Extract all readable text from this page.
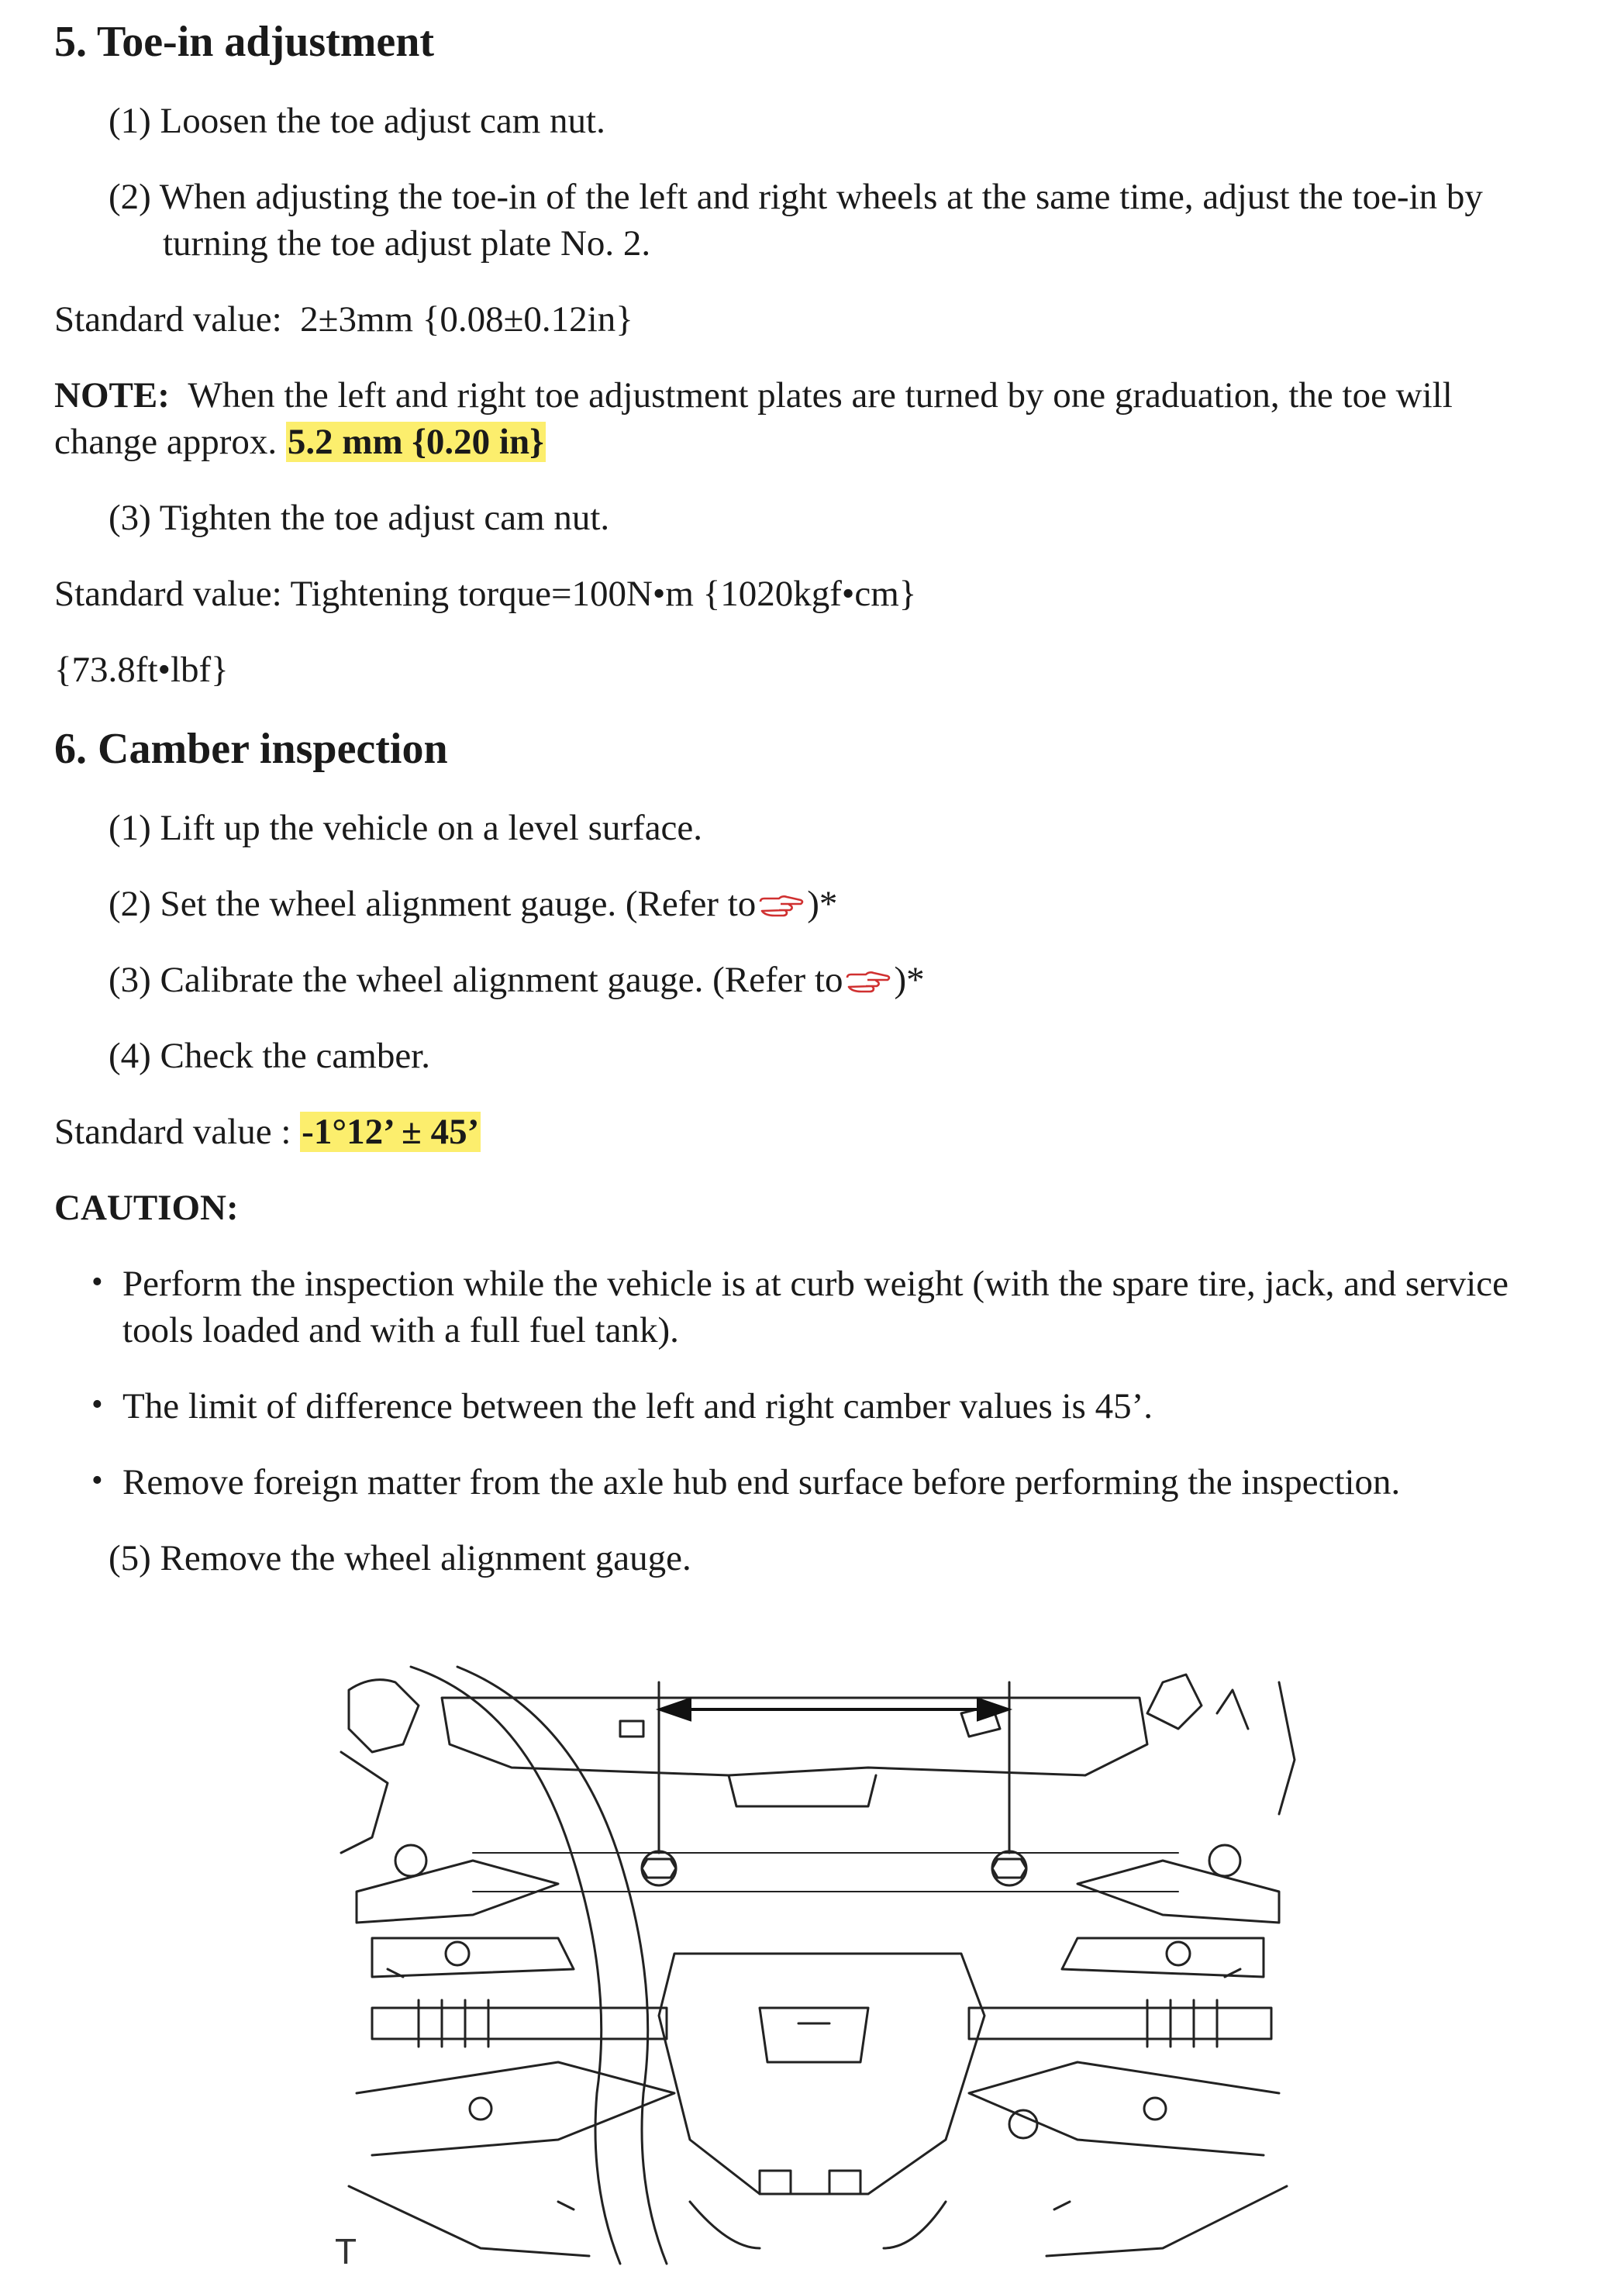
5. Toe-in adjustment
(1) Loosen the toe adjust cam nut.
(2) When adjusting the toe-in of the left and right wheels at the same time, adjust the toe-in by
turning the toe adjust plate No. 2.
Standard value: 2±3mm {0.08±0.12in}
NOTE: When the left and right toe adjustment plates are turned by one graduation, the toe will
change approx. 5.2 mm {0.20 in}
(3) Tighten the toe adjust cam nut.
Standard value: Tightening torque=100N•m {1020kgf•cm}
{73.8ft•lbf}
6. Camber inspection
(1) Lift up the vehicle on a level surface.
(2) Set the wheel alignment gauge. (Refer to )*
(3) Calibrate the wheel alignment gauge. (Refer to )*
(4) Check the camber.
Standard value : -1°12’ ± 45’
CAUTION:
• Perform the inspection while the vehicle is at curb weight (with the spare tire, jack, and service
tools loaded and with a full fuel tank).
• The limit of difference between the left and right camber values is 45’.
• Remove foreign matter from the axle hub end surface before performing the inspection.
(5) Remove the wheel alignment gauge.
T
